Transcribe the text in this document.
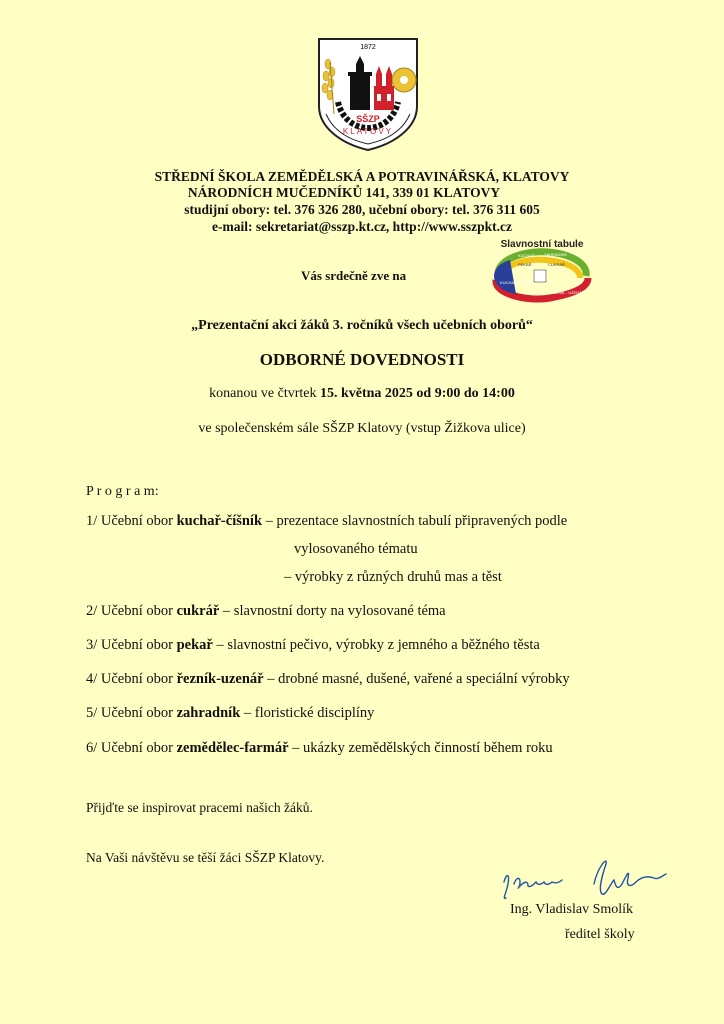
1872
SŠZP
KLATOVY
STŘEDNÍ ŠKOLA ZEMĚDĚLSKÁ A POTRAVINÁŘSKÁ, KLATOVY
NÁRODNÍCH MUČEDNÍKŮ 141, 339 01 KLATOVY
studijní obory: tel. 376 326 280, učební obory: tel. 376 311 605
e-mail: sekretariat@sszp.kt.cz, http://www.sszpkt.cz
Vás srdečně zve na
Slavnostní tabule
KUCHAŘ ZAHRADNÍK
PEKAŘ	CUKRÁŘ
KUCHAŘ - ČÍŠNÍK
ŘEZNÍK - UZENÁŘ
„Prezentační akci žáků 3. ročníků všech učebních oborů“
ODBORNÉ DOVEDNOSTI
konanou ve čtvrtek 15. května 2025 od 9:00 do 14:00
ve společenském sále SŠZP Klatovy (vstup Žižkova ulice)
P r o g r a m:
1/ Učební obor kuchař-číšník – prezentace slavnostních tabulí připravených podle
vylosovaného tématu
– výrobky z různých druhů mas a těst
2/ Učební obor cukrář – slavnostní dorty na vylosované téma
3/ Učební obor pekař – slavnostní pečivo, výrobky z jemného a běžného těsta
4/ Učební obor řezník-uzenář – drobné masné, dušené, vařené a speciální výrobky
5/ Učební obor zahradník – floristické disciplíny
6/ Učební obor zemědělec-farmář – ukázky zemědělských činností během roku
Přijďte se inspirovat pracemi našich žáků.
Na Vaši návštěvu se těší žáci SŠZP Klatovy.
Ing. Vladislav Smolík
ředitel školy
